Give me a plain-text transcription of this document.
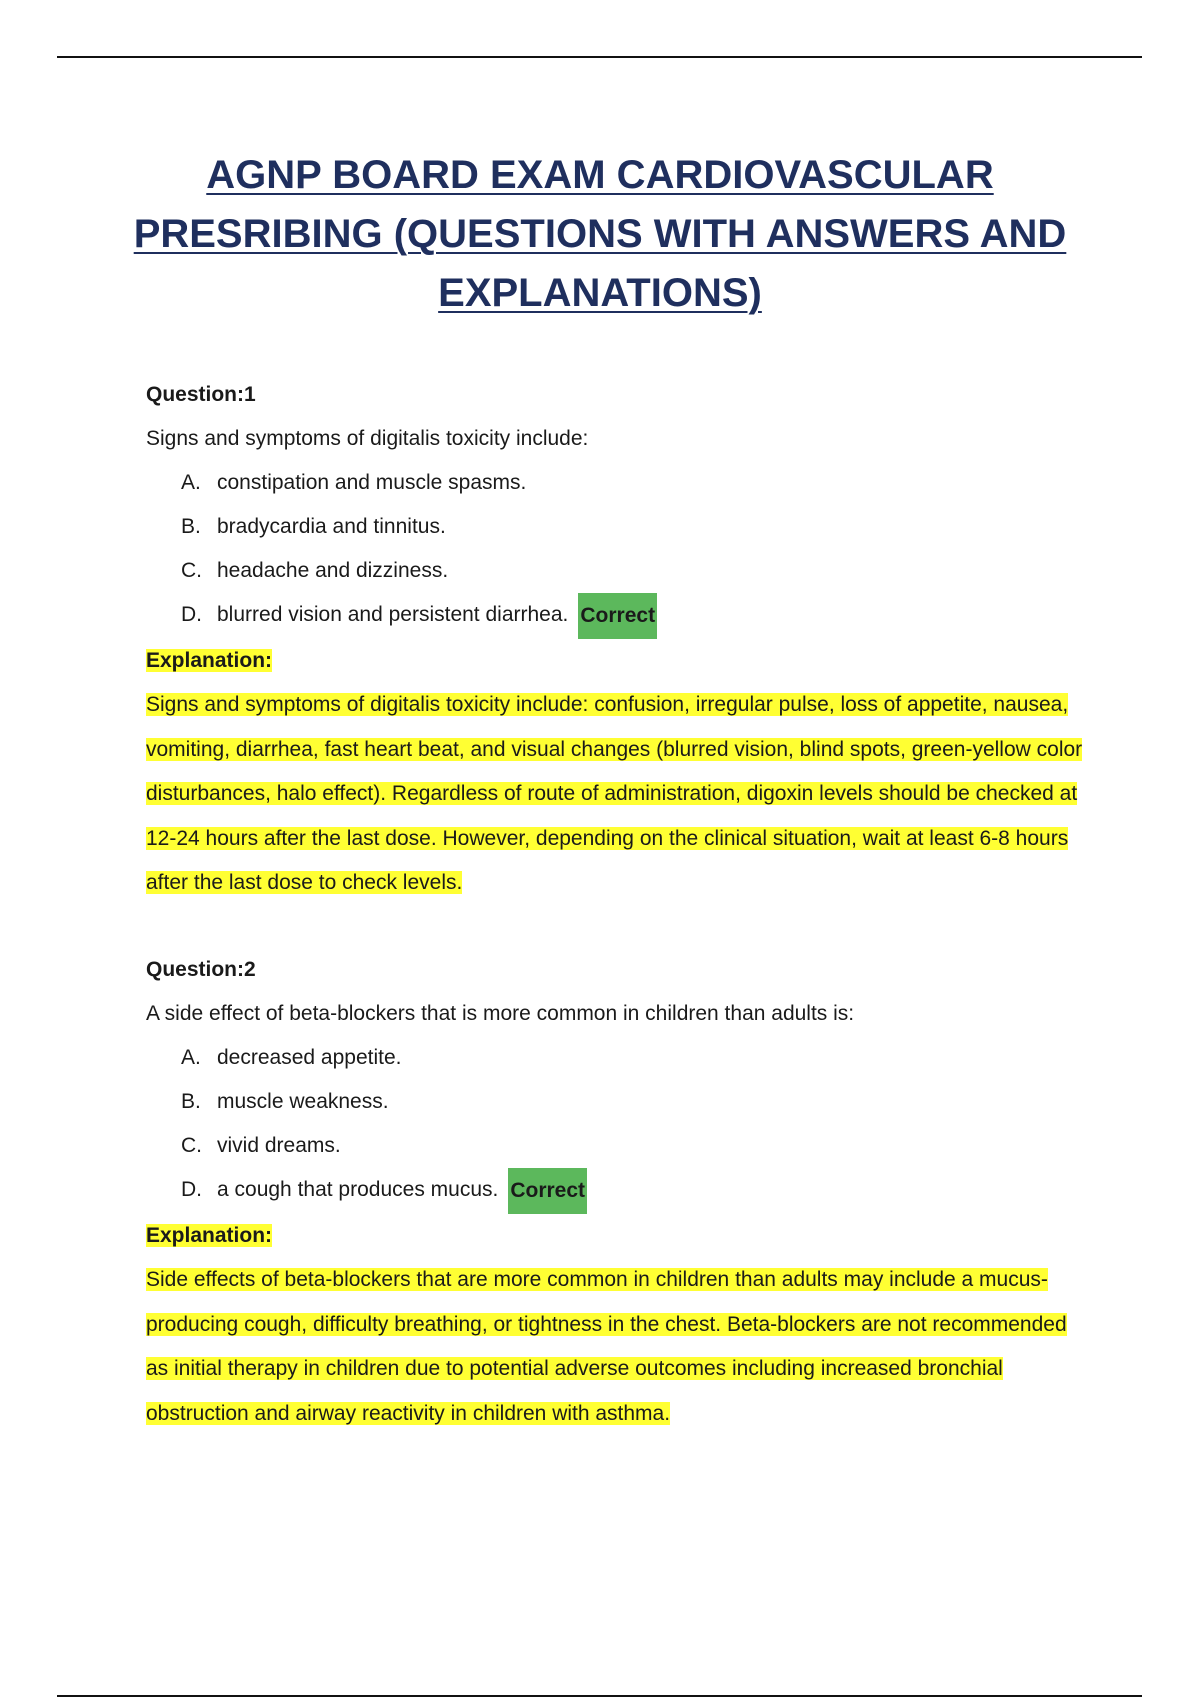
AGNP BOARD EXAM CARDIOVASCULAR PRESRIBING (QUESTIONS WITH ANSWERS AND EXPLANATIONS)

Question:1

Signs and symptoms of digitalis toxicity include:

A. constipation and muscle spasms.
B. bradycardia and tinnitus.
C. headache and dizziness.
D. blurred vision and persistent diarrhea. Correct

Explanation:

Signs and symptoms of digitalis toxicity include: confusion, irregular pulse, loss of appetite, nausea, vomiting, diarrhea, fast heart beat, and visual changes (blurred vision, blind spots, green-yellow color disturbances, halo effect). Regardless of route of administration, digoxin levels should be checked at 12-24 hours after the last dose. However, depending on the clinical situation, wait at least 6-8 hours after the last dose to check levels.

Question:2

A side effect of beta-blockers that is more common in children than adults is:

A. decreased appetite.
B. muscle weakness.
C. vivid dreams.
D. a cough that produces mucus. Correct

Explanation:

Side effects of beta-blockers that are more common in children than adults may include a mucus-producing cough, difficulty breathing, or tightness in the chest. Beta-blockers are not recommended as initial therapy in children due to potential adverse outcomes including increased bronchial obstruction and airway reactivity in children with asthma.
